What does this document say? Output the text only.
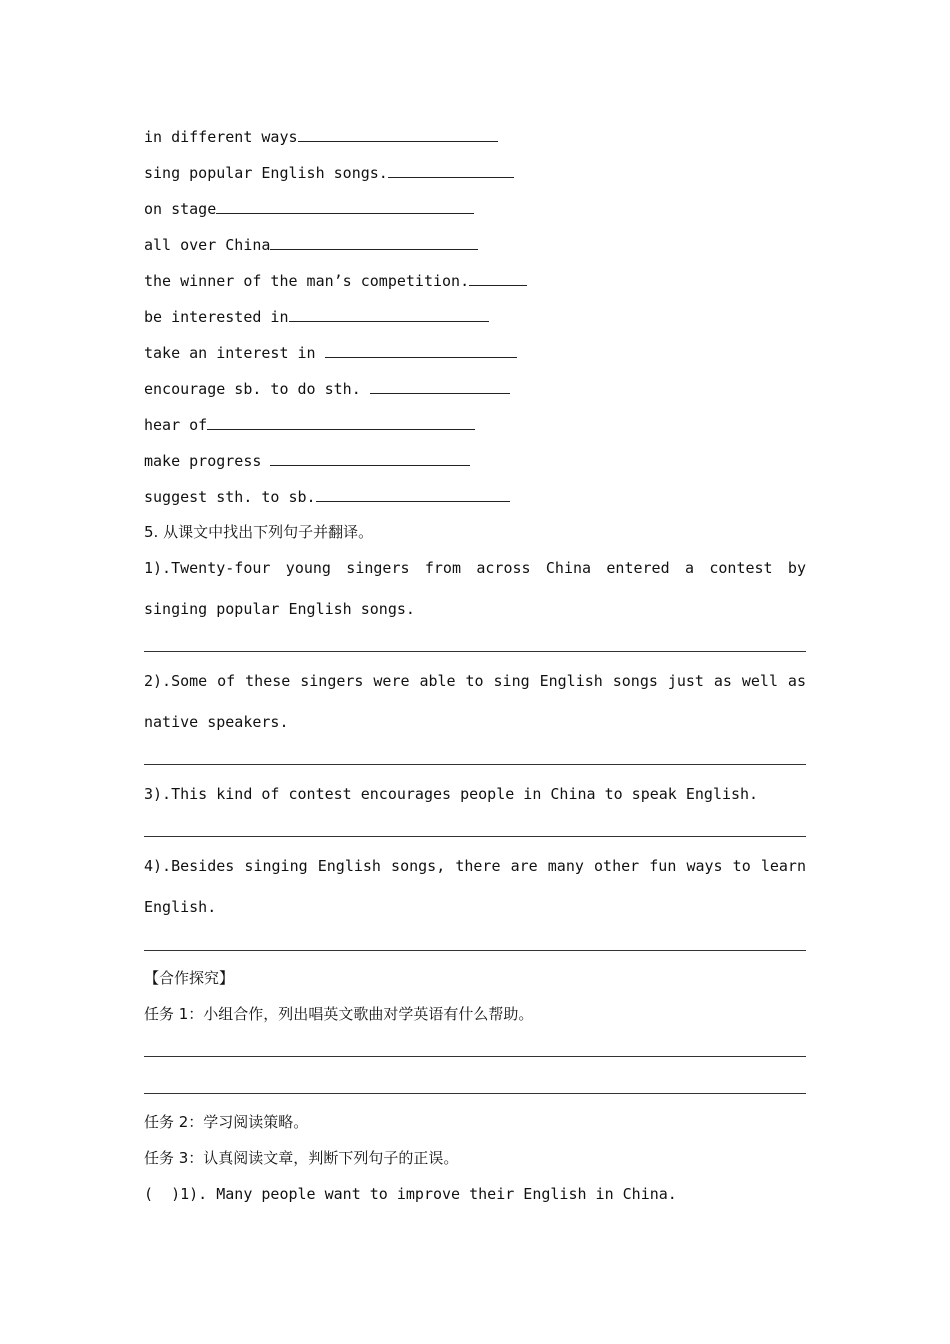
in different ways
sing popular English songs.
on stage
all over China
the winner of the man’s competition.
be interested in
take an interest in
encourage sb. to do sth.
hear of
make progress
suggest sth. to sb.
5. 从课文中找出下列句子并翻译。
1).Twenty-four young singers from across China entered a contest by singing popular English songs.
2).Some of these singers were able to sing English songs just as well as native speakers.
3).This kind of contest encourages people in China to speak English.
4).Besides singing English songs, there are many other fun ways to learn English.
【合作探究】
任务 1：小组合作，列出唱英文歌曲对学英语有什么帮助。
任务 2：学习阅读策略。
任务 3：认真阅读文章，判断下列句子的正误。
(  )1). Many people want to improve their English in China.
